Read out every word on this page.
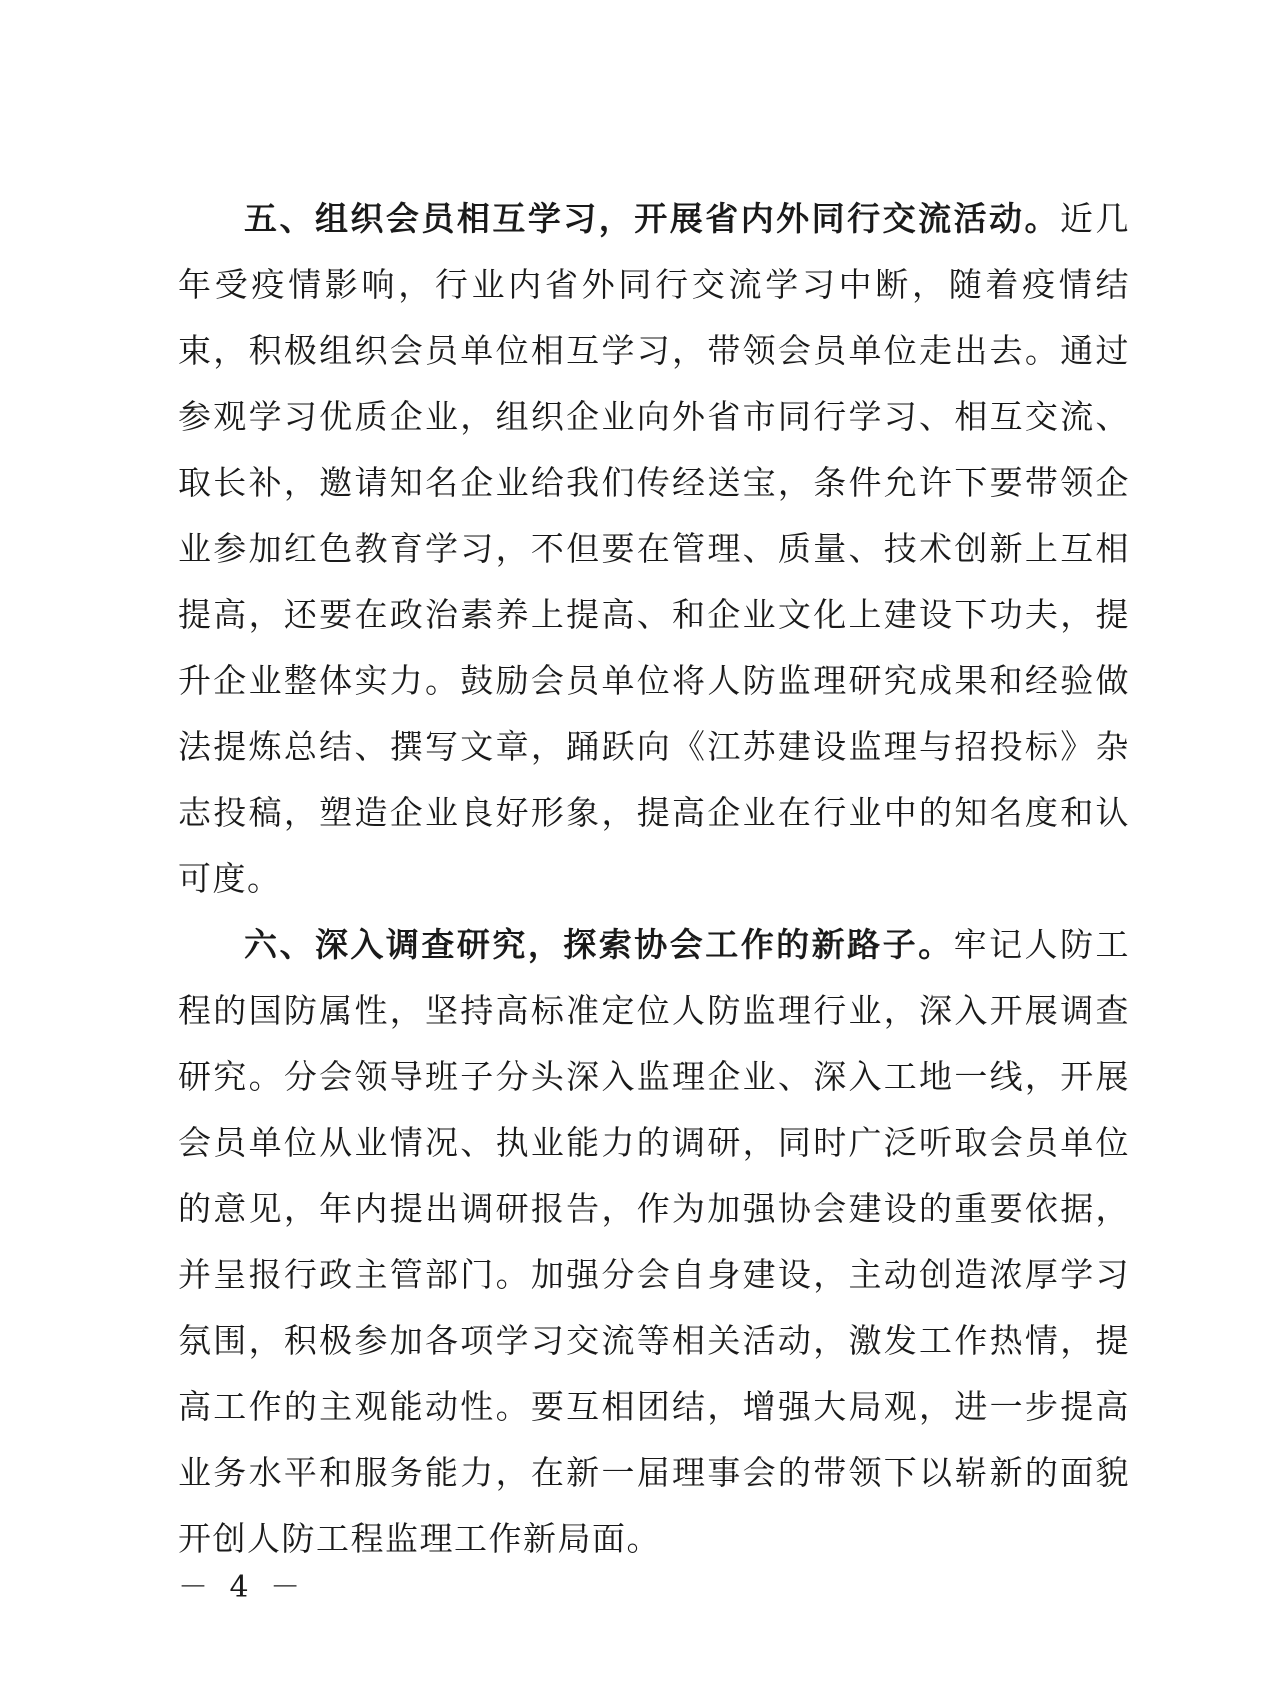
五、组织会员相互学习，开展省内外同行交流活动。近几年受疫情影响，行业内省外同行交流学习中断，随着疫情结束，积极组织会员单位相互学习，带领会员单位走出去。通过参观学习优质企业，组织企业向外省市同行学习、相互交流、取长补，邀请知名企业给我们传经送宝，条件允许下要带领企业参加红色教育学习，不但要在管理、质量、技术创新上互相提高，还要在政治素养上提高、和企业文化上建设下功夫，提升企业整体实力。鼓励会员单位将人防监理研究成果和经验做法提炼总结、撰写文章，踊跃向《江苏建设监理与招投标》杂志投稿，塑造企业良好形象，提高企业在行业中的知名度和认可度。

六、深入调查研究，探索协会工作的新路子。牢记人防工程的国防属性，坚持高标准定位人防监理行业，深入开展调查研究。分会领导班子分头深入监理企业、深入工地一线，开展会员单位从业情况、执业能力的调研，同时广泛听取会员单位的意见，年内提出调研报告，作为加强协会建设的重要依据，并呈报行政主管部门。加强分会自身建设，主动创造浓厚学习氛围，积极参加各项学习交流等相关活动，激发工作热情，提高工作的主观能动性。要互相团结，增强大局观，进一步提高业务水平和服务能力，在新一届理事会的带领下以崭新的面貌开创人防工程监理工作新局面。

－ 4 －
